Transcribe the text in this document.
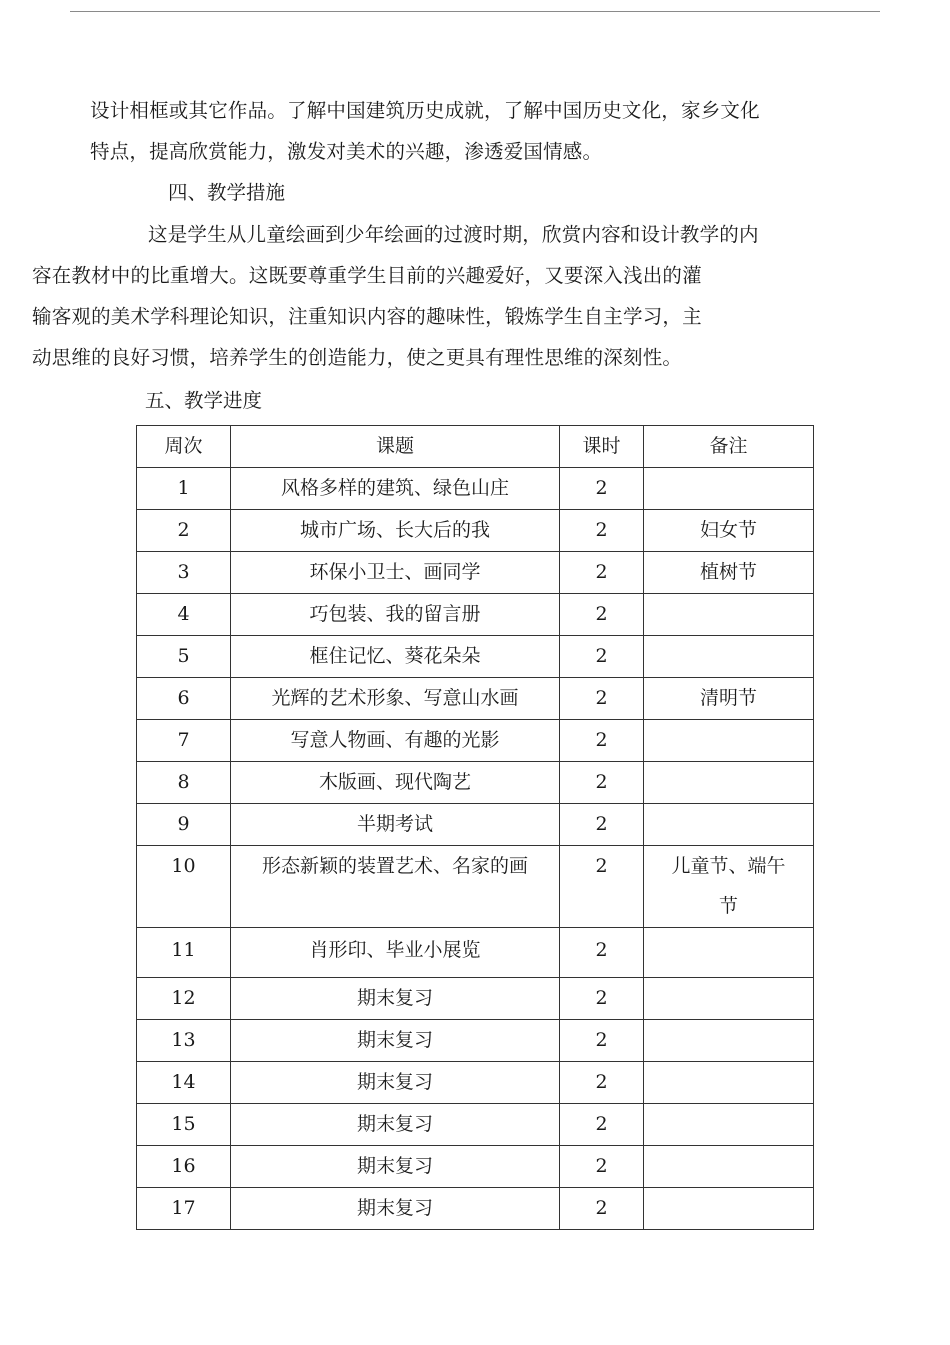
设计相框或其它作品。了解中国建筑历史成就，了解中国历史文化，家乡文化
特点，提高欣赏能力，激发对美术的兴趣，渗透爱国情感。
四、教学措施
这是学生从儿童绘画到少年绘画的过渡时期，欣赏内容和设计教学的内
容在教材中的比重增大。这既要尊重学生目前的兴趣爱好，又要深入浅出的灌
输客观的美术学科理论知识，注重知识内容的趣味性，锻炼学生自主学习，主
动思维的良好习惯，培养学生的创造能力，使之更具有理性思维的深刻性。
五、教学进度
周次	课题	课时	备注
1	风格多样的建筑、绿色山庄	2	
2	城市广场、长大后的我	2	妇女节
3	环保小卫士、画同学	2	植树节
4	巧包装、我的留言册	2	
5	框住记忆、葵花朵朵	2	
6	光辉的艺术形象、写意山水画	2	清明节
7	写意人物画、有趣的光影	2	
8	木版画、现代陶艺	2	
9	半期考试	2	
10	形态新颖的装置艺术、名家的画	2	儿童节、端午
节

11	肖形印、毕业小展览	2	
12	期末复习	2	
13	期末复习	2	
14	期末复习	2	
15	期末复习	2	
16	期末复习	2	
17	期末复习	2	
